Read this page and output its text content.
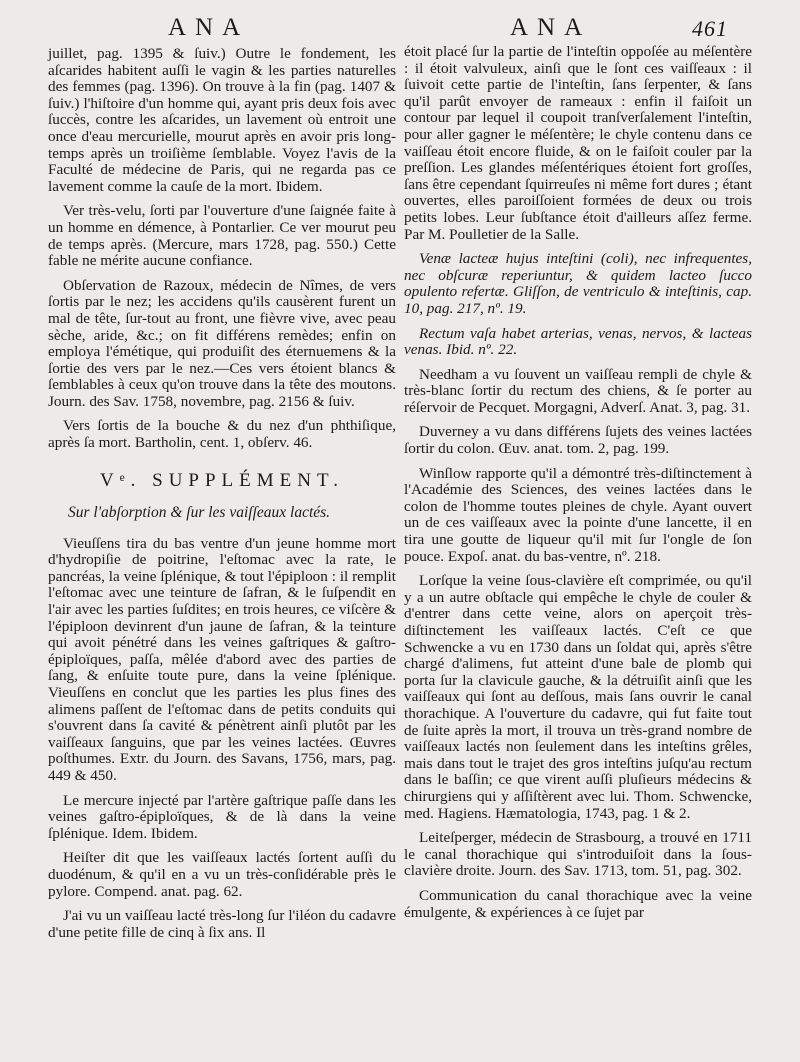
ANA	ANA	461

juillet, pag. 1395 & ſuiv.) Outre le fondement, les aſcarides habitent auſſi le vagin & les parties naturelles des femmes (pag. 1396). On trouve à la fin (pag. 1407 & ſuiv.) l'hiſtoire d'un homme qui, ayant pris deux fois avec ſuccès, contre les aſcarides, un lavement où entroit une once d'eau mercurielle, mourut après en avoir pris long-temps après un troiſième ſemblable. Voyez l'avis de la Faculté de médecine de Paris, qui ne regarda pas ce lavement comme la cauſe de la mort. Ibidem.

Ver très-velu, ſorti par l'ouverture d'une ſaignée faite à un homme en démence, à Pontarlier. Ce ver mourut peu de temps après. (Mercure, mars 1728, pag. 550.) Cette fable ne mérite aucune confiance.

Obſervation de Razoux, médecin de Nîmes, de vers ſortis par le nez; les accidens qu'ils causèrent furent un mal de tête, ſur-tout au front, une fièvre vive, avec peau sèche, aride, &c.; on fit différens remèdes; enfin on employa l'émétique, qui produiſit des éternuemens & la ſortie des vers par le nez.—Ces vers étoient blancs & ſemblables à ceux qu'on trouve dans la tête des moutons. Journ. des Sav. 1758, novembre, pag. 2156 & ſuiv.

Vers ſortis de la bouche & du nez d'un phthiſique, après ſa mort. Bartholin, cent. 1, obſerv. 46.

Vᵉ. SUPPLÉMENT.
Sur l'abſorption & ſur les vaiſſeaux lactés.

Vieuſſens tira du bas ventre d'un jeune homme mort d'hydropiſie de poitrine, l'eſtomac avec la rate, le pancréas, la veine ſplénique, & tout l'épiploon : il remplit l'eſtomac avec une teinture de ſafran, & le ſuſpendit en l'air avec les parties ſuſdites; en trois heures, ce viſcère & l'épiploon devinrent d'un jaune de ſafran, & la teinture qui avoit pénétré dans les veines gaſtriques & gaſtro-épiploïques, paſſa, mêlée d'abord avec des parties de ſang, & enſuite toute pure, dans la veine ſplénique. Vieuſſens en conclut que les parties les plus fines des alimens paſſent de l'eſtomac dans de petits conduits qui s'ouvrent dans ſa cavité & pénètrent ainſi plutôt par les vaiſſeaux ſanguins, que par les veines lactées. Œuvres poſthumes. Extr. du Journ. des Savans, 1756, mars, pag. 449 & 450.

Le mercure injecté par l'artère gaſtrique paſſe dans les veines gaſtro-épiploïques, & de là dans la veine ſplénique. Idem. Ibidem.

Heiſter dit que les vaiſſeaux lactés ſortent auſſi du duodénum, & qu'il en a vu un très-conſidérable près le pylore. Compend. anat. pag. 62.

J'ai vu un vaiſſeau lacté très-long ſur l'iléon du cadavre d'une petite fille de cinq à ſix ans. Il

étoit placé ſur la partie de l'inteſtin oppoſée au méſentère : il étoit valvuleux, ainſi que le ſont ces vaiſſeaux : il ſuivoit cette partie de l'inteſtin, ſans ſerpenter, & ſans qu'il parût envoyer de rameaux : enfin il faiſoit un contour par lequel il coupoit tranſverſalement l'inteſtin, pour aller gagner le méſentère; le chyle contenu dans ce vaiſſeau étoit encore fluide, & on le faiſoit couler par la preſſion. Les glandes méſentériques étoient fort groſſes, ſans être cependant ſquirreuſes ni même fort dures ; étant ouvertes, elles paroiſſoient formées de deux ou trois petits lobes. Leur ſubſtance étoit d'ailleurs aſſez ferme. Par M. Poulletier de la Salle.

Venæ lacteæ hujus inteſtini (coli), nec infrequentes, nec obſcuræ reperiuntur, & quidem lacteo ſucco opulento refertæ. Gliſſon, de ventriculo & inteſtinis, cap. 10, pag. 217, nº. 19.

Rectum vaſa habet arterias, venas, nervos, & lacteas venas. Ibid. nº. 22.

Needham a vu ſouvent un vaiſſeau rempli de chyle & très-blanc ſortir du rectum des chiens, & ſe porter au réſervoir de Pecquet. Morgagni, Adverſ. Anat. 3, pag. 31.

Duverney a vu dans différens ſujets des veines lactées ſortir du colon. Œuv. anat. tom. 2, pag. 199.

Winſlow rapporte qu'il a démontré très-diſtinctement à l'Académie des Sciences, des veines lactées dans le colon de l'homme toutes pleines de chyle. Ayant ouvert un de ces vaiſſeaux avec la pointe d'une lancette, il en tira une goutte de liqueur qu'il mit ſur l'ongle de ſon pouce. Expoſ. anat. du bas-ventre, nº. 218.

Lorſque la veine ſous-clavière eſt comprimée, ou qu'il y a un autre obſtacle qui empêche le chyle de couler & d'entrer dans cette veine, alors on aperçoit très-diſtinctement les vaiſſeaux lactés. C'eſt ce que Schwencke a vu en 1730 dans un ſoldat qui, après s'être chargé d'alimens, fut atteint d'une bale de plomb qui porta ſur la clavicule gauche, & la détruiſit ainſi que les vaiſſeaux qui ſont au deſſous, mais ſans ouvrir le canal thorachique. A l'ouverture du cadavre, qui fut faite tout de ſuite après la mort, il trouva un très-grand nombre de vaiſſeaux lactés non ſeulement dans les inteſtins grêles, mais dans tout le trajet des gros inteſtins juſqu'au rectum dans le baſſin; ce que virent auſſi pluſieurs médecins & chirurgiens qui y aſſiſtèrent avec lui. Thom. Schwencke, med. Hagiens. Hæmatologia, 1743, pag. 1 & 2.

Leiteſperger, médecin de Strasbourg, a trouvé en 1711 le canal thorachique qui s'introduiſoit dans la ſous-clavière droite. Journ. des Sav. 1713, tom. 51, pag. 302.

Communication du canal thorachique avec la veine émulgente, & expériences à ce ſujet par
